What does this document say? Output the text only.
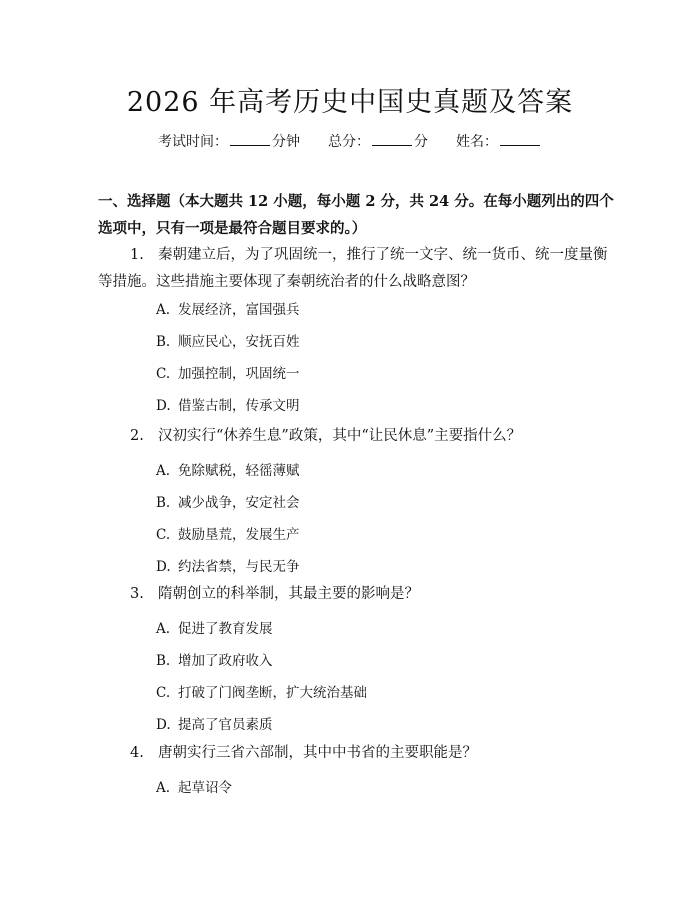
2026 年高考历史中国史真题及答案
考试时间：	分钟 总分：	分 姓名：
一、选择题（本大题共 12 小题，每小题 2 分，共 24 分。在每小题列出的四个选项中，只有一项是最符合题目要求的。）
1. 秦朝建立后，为了巩固统一，推行了统一文字、统一货币、统一度量衡等措施。这些措施主要体现了秦朝统治者的什么战略意图？
A. 发展经济，富国强兵
B. 顺应民心，安抚百姓
C. 加强控制，巩固统一
D. 借鉴古制，传承文明
2. 汉初实行“休养生息”政策，其中“让民休息”主要指什么？
A. 免除赋税，轻徭薄赋
B. 减少战争，安定社会
C. 鼓励垦荒，发展生产
D. 约法省禁，与民无争
3. 隋朝创立的科举制，其最主要的影响是？
A. 促进了教育发展
B. 增加了政府收入
C. 打破了门阀垄断，扩大统治基础
D. 提高了官员素质
4. 唐朝实行三省六部制，其中中书省的主要职能是？
A. 起草诏令
